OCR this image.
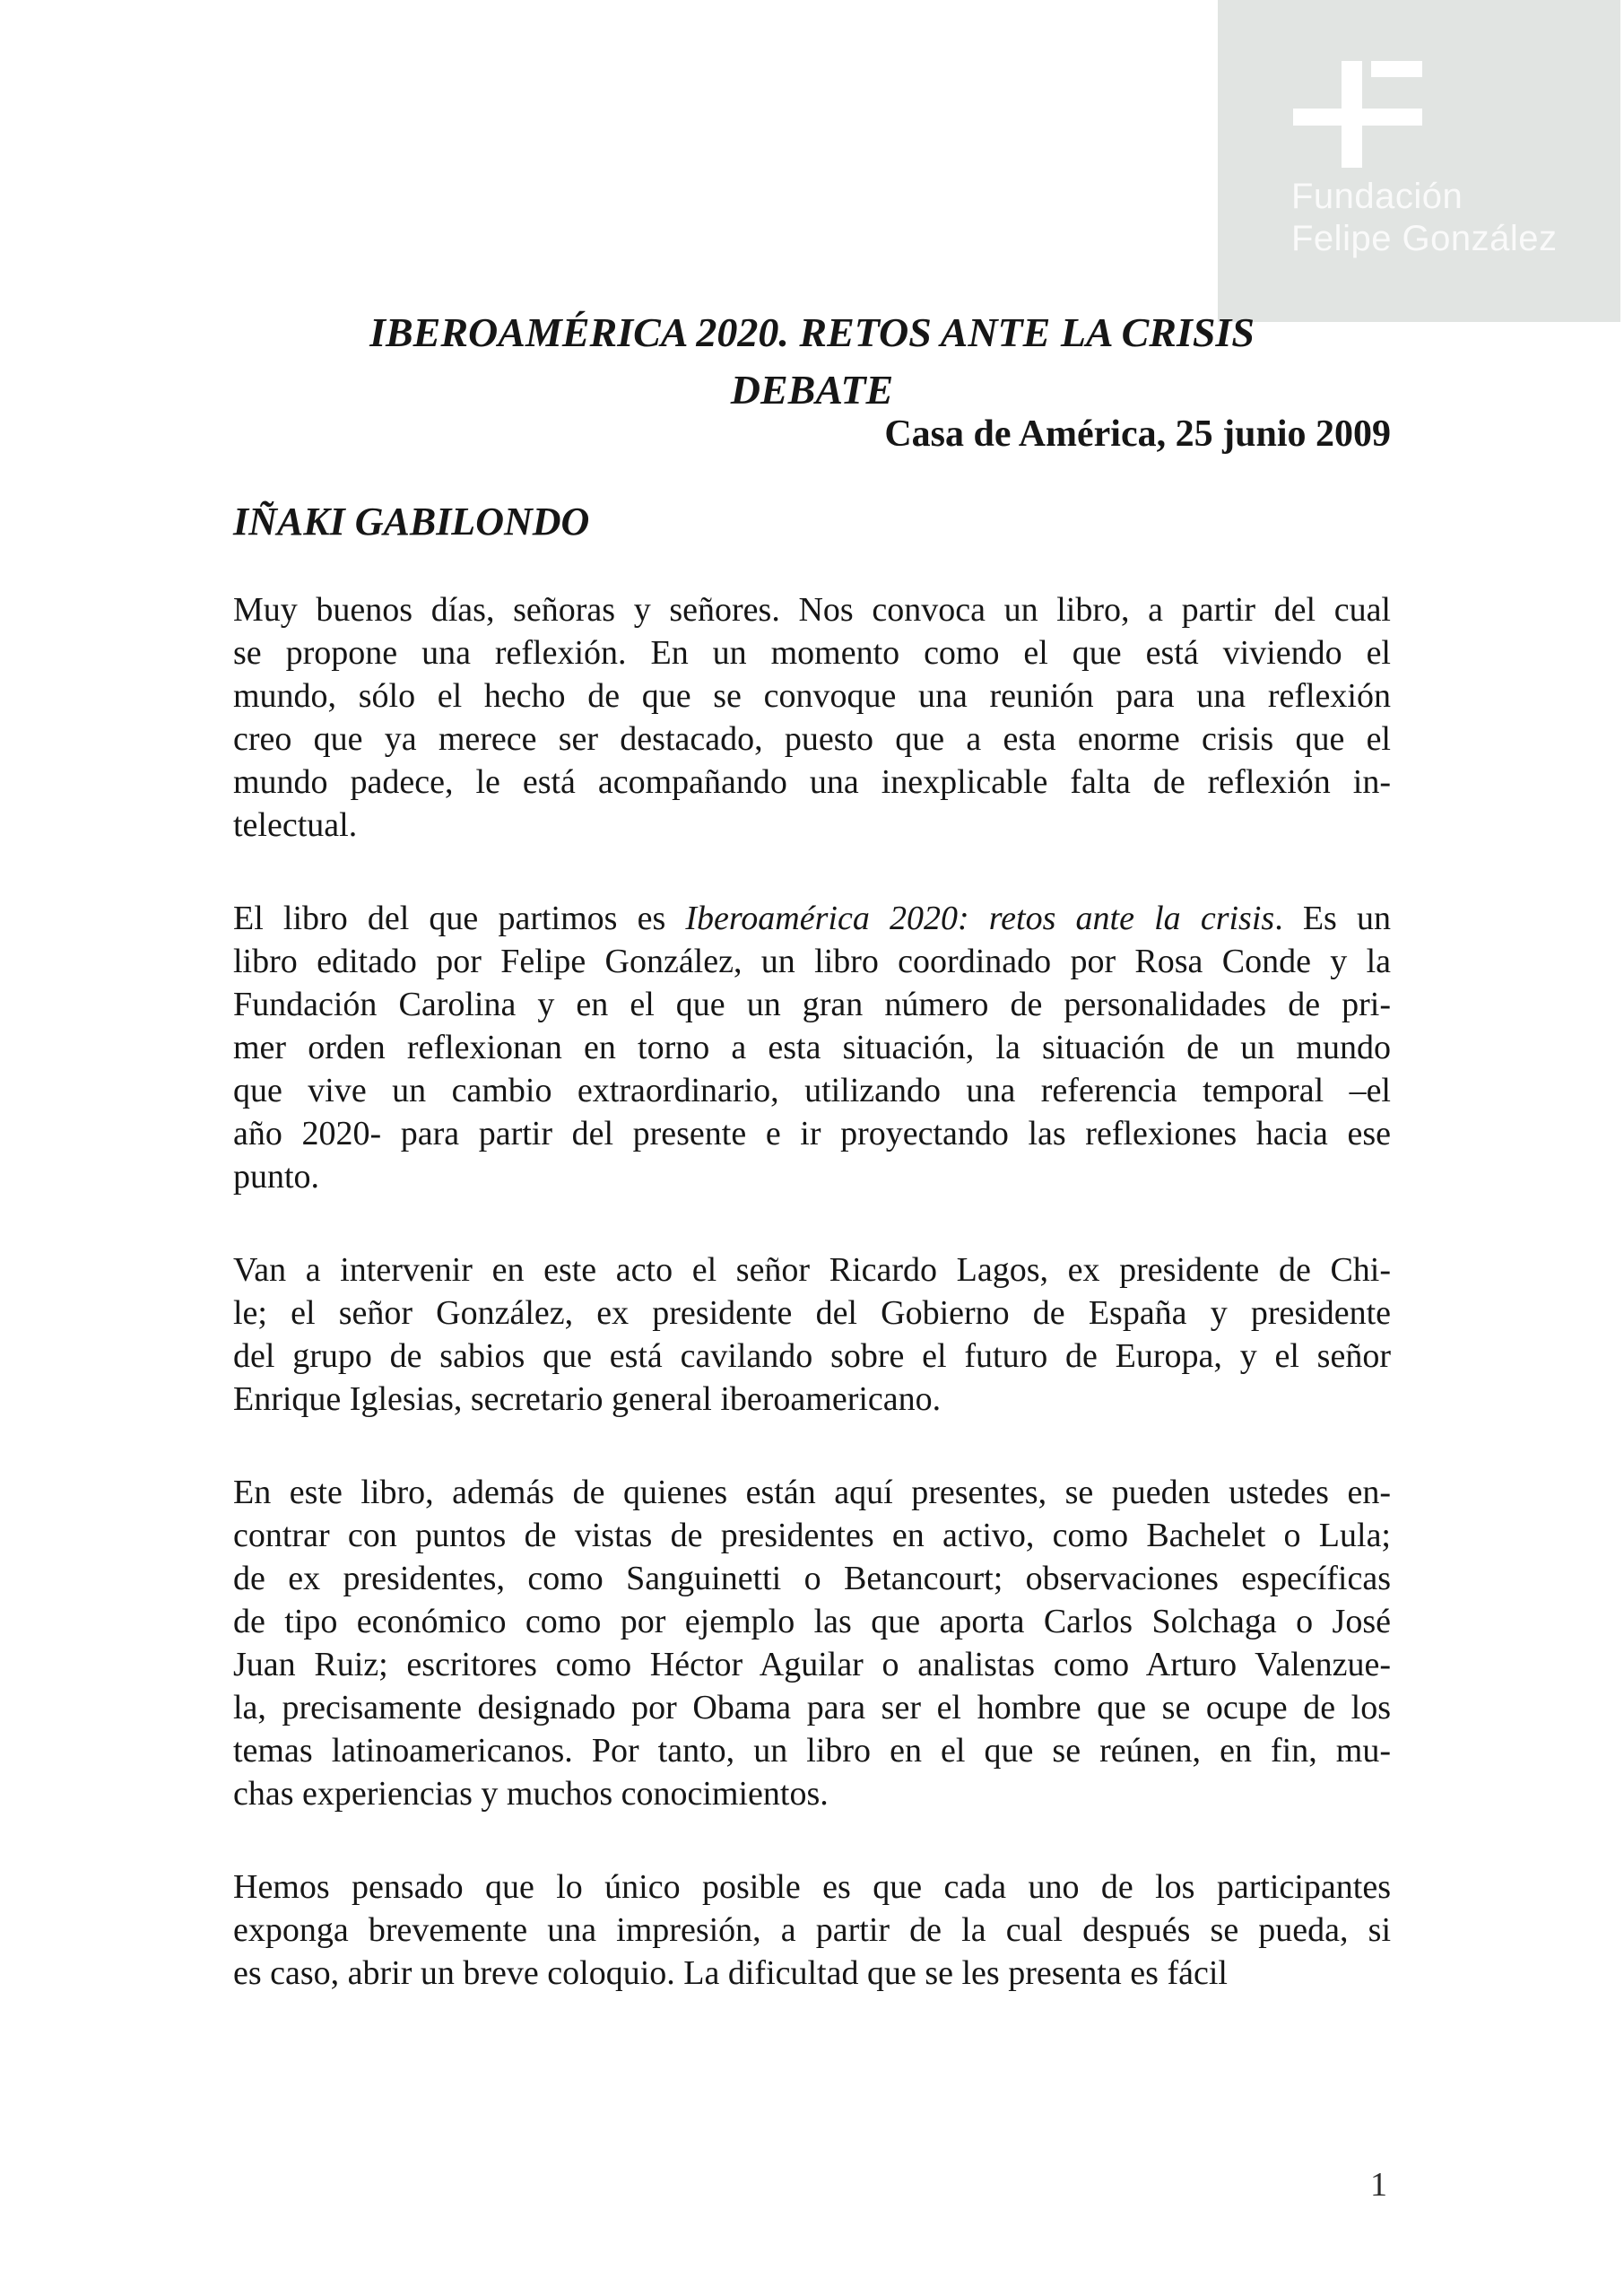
Fundación
Felipe González
IBEROAMÉRICA 2020. RETOS ANTE LA CRISIS
DEBATE
Casa de América, 25 junio 2009
IÑAKI GABILONDO

Muy buenos días, señoras y señores. Nos convoca un libro, a partir del cual
se propone una reflexión. En un momento como el que está viviendo el
mundo, sólo el hecho de que se convoque una reunión para una reflexión
creo que ya merece ser destacado, puesto que a esta enorme crisis que el
mundo padece, le está acompañando una inexplicable falta de reflexión in-
telectual.

El libro del que partimos es Iberoamérica 2020: retos ante la crisis. Es un
libro editado por Felipe González, un libro coordinado por Rosa Conde y la
Fundación Carolina y en el que un gran número de personalidades de pri-
mer orden reflexionan en torno a esta situación, la situación de un mundo
que vive un cambio extraordinario, utilizando una referencia temporal –el
año 2020- para partir del presente e ir proyectando las reflexiones hacia ese
punto.

Van a intervenir en este acto el señor Ricardo Lagos, ex presidente de Chi-
le; el señor González, ex presidente del Gobierno de España y presidente
del grupo de sabios que está cavilando sobre el futuro de Europa, y el señor
Enrique Iglesias, secretario general iberoamericano.

En este libro, además de quienes están aquí presentes, se pueden ustedes en-
contrar con puntos de vistas de presidentes en activo, como Bachelet o Lula;
de ex presidentes, como Sanguinetti o Betancourt; observaciones específicas
de tipo económico como por ejemplo las que aporta Carlos Solchaga o José
Juan Ruiz; escritores como Héctor Aguilar o analistas como Arturo Valenzue-
la, precisamente designado por Obama para ser el hombre que se ocupe de los
temas latinoamericanos. Por tanto, un libro en el que se reúnen, en fin, mu-
chas experiencias y muchos conocimientos.

Hemos pensado que lo único posible es que cada uno de los participantes
exponga brevemente una impresión, a partir de la cual después se pueda, si
es caso, abrir un breve coloquio. La dificultad que se les presenta es fácil

1
